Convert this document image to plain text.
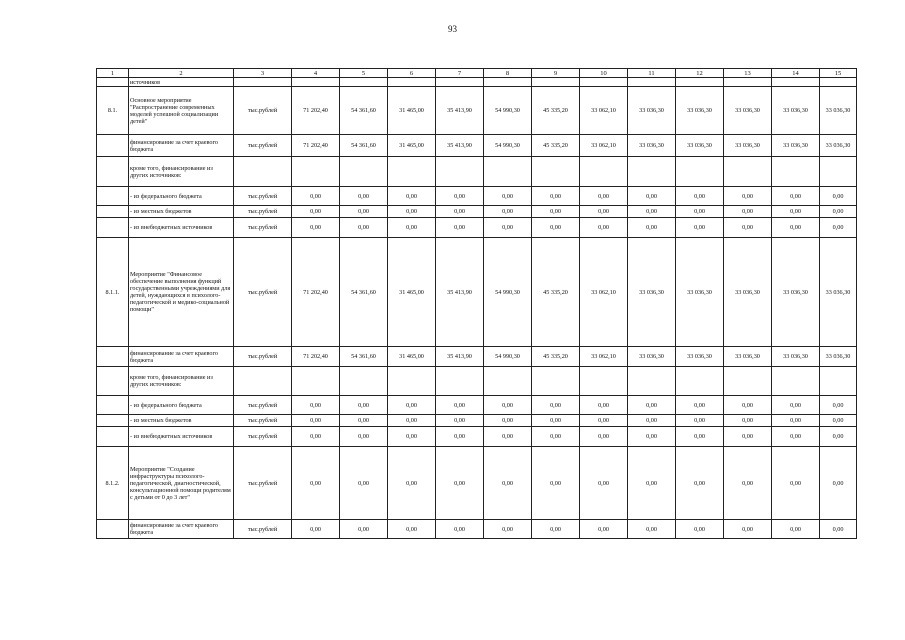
93
1	2	3	4	5	6	7	8	9	10	11	12	13	14	15
	источников													
8.1.	Основное мероприятие "Распространение современных моделей успешной социализации детей"	тыс.рублей	71 202,40	54 361,60	31 465,00	35 413,90	54 990,30	45 335,20	33 062,10	33 036,30	33 036,30	33 036,30	33 036,30	33 036,30
	финансирование за счет краевого бюджета	тыс.рублей	71 202,40	54 361,60	31 465,00	35 413,90	54 990,30	45 335,20	33 062,10	33 036,30	33 036,30	33 036,30	33 036,30	33 036,30
	кроме того, финансирование из других источников:													
	- из федерального бюджета	тыс.рублей	0,00	0,00	0,00	0,00	0,00	0,00	0,00	0,00	0,00	0,00	0,00	0,00
	- из местных бюджетов	тыс.рублей	0,00	0,00	0,00	0,00	0,00	0,00	0,00	0,00	0,00	0,00	0,00	0,00
	- из внебюджетных источников	тыс.рублей	0,00	0,00	0,00	0,00	0,00	0,00	0,00	0,00	0,00	0,00	0,00	0,00
8.1.1.	Мероприятие "Финансовое обеспечение выполнения функций государственными учреждениями для детей, нуждающихся в психолого-педагогической и медико-социальной помощи"	тыс.рублей	71 202,40	54 361,60	31 465,00	35 413,90	54 990,30	45 335,20	33 062,10	33 036,30	33 036,30	33 036,30	33 036,30	33 036,30
	финансирование за счет краевого бюджета	тыс.рублей	71 202,40	54 361,60	31 465,00	35 413,90	54 990,30	45 335,20	33 062,10	33 036,30	33 036,30	33 036,30	33 036,30	33 036,30
	кроме того, финансирование из других источников:													
	- из федерального бюджета	тыс.рублей	0,00	0,00	0,00	0,00	0,00	0,00	0,00	0,00	0,00	0,00	0,00	0,00
	- из местных бюджетов	тыс.рублей	0,00	0,00	0,00	0,00	0,00	0,00	0,00	0,00	0,00	0,00	0,00	0,00
	- из внебюджетных источников	тыс.рублей	0,00	0,00	0,00	0,00	0,00	0,00	0,00	0,00	0,00	0,00	0,00	0,00
8.1.2.	Мероприятие "Создание инфраструктуры психолого-педагогической, диагностической, консультационной помощи родителям с детьми от 0 до 3 лет"	тыс.рублей	0,00	0,00	0,00	0,00	0,00	0,00	0,00	0,00	0,00	0,00	0,00	0,00
	финансирование за счет краевого бюджета	тыс.рублей	0,00	0,00	0,00	0,00	0,00	0,00	0,00	0,00	0,00	0,00	0,00	0,00
